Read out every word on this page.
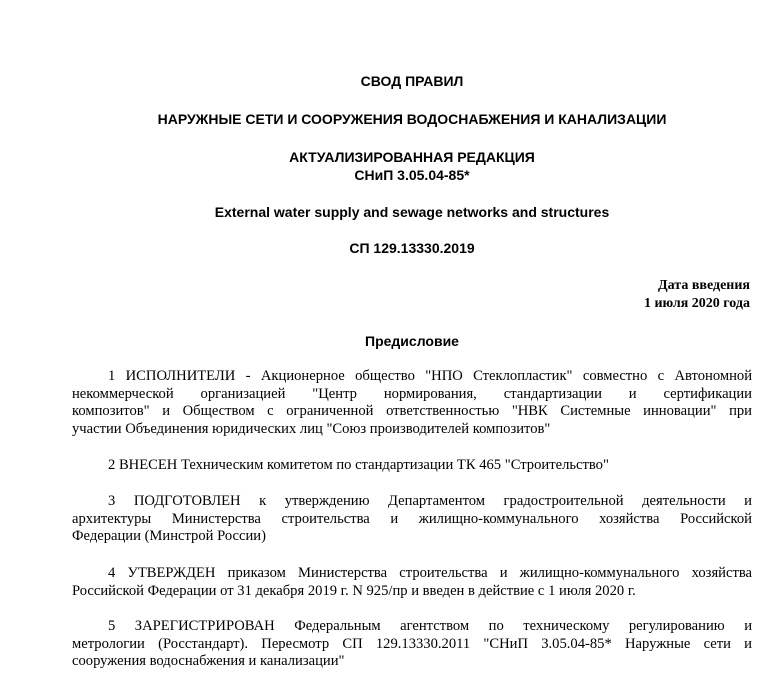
СВОД ПРАВИЛ
НАРУЖНЫЕ СЕТИ И СООРУЖЕНИЯ ВОДОСНАБЖЕНИЯ И КАНАЛИЗАЦИИ
АКТУАЛИЗИРОВАННАЯ РЕДАКЦИЯ
СНиП 3.05.04-85*
External water supply and sewage networks and structures
СП 129.13330.2019
Дата введения
1 июля 2020 года
Предисловие
1 ИСПОЛНИТЕЛИ - Акционерное общество "НПО Стеклопластик" совместно с Автономной
некоммерческой организацией "Центр нормирования, стандартизации и сертификации
композитов" и Обществом с ограниченной ответственностью "НВК Системные инновации" при
участии Объединения юридических лиц "Союз производителей композитов"
2 ВНЕСЕН Техническим комитетом по стандартизации ТК 465 "Строительство"
3 ПОДГОТОВЛЕН к утверждению Департаментом градостроительной деятельности и
архитектуры Министерства строительства и жилищно-коммунального хозяйства Российской
Федерации (Минстрой России)
4 УТВЕРЖДЕН приказом Министерства строительства и жилищно-коммунального хозяйства
Российской Федерации от 31 декабря 2019 г. N 925/пр и введен в действие с 1 июля 2020 г.
5 ЗАРЕГИСТРИРОВАН Федеральным агентством по техническому регулированию и
метрологии (Росстандарт). Пересмотр СП 129.13330.2011 "СНиП 3.05.04-85* Наружные сети и
сооружения водоснабжения и канализации"
